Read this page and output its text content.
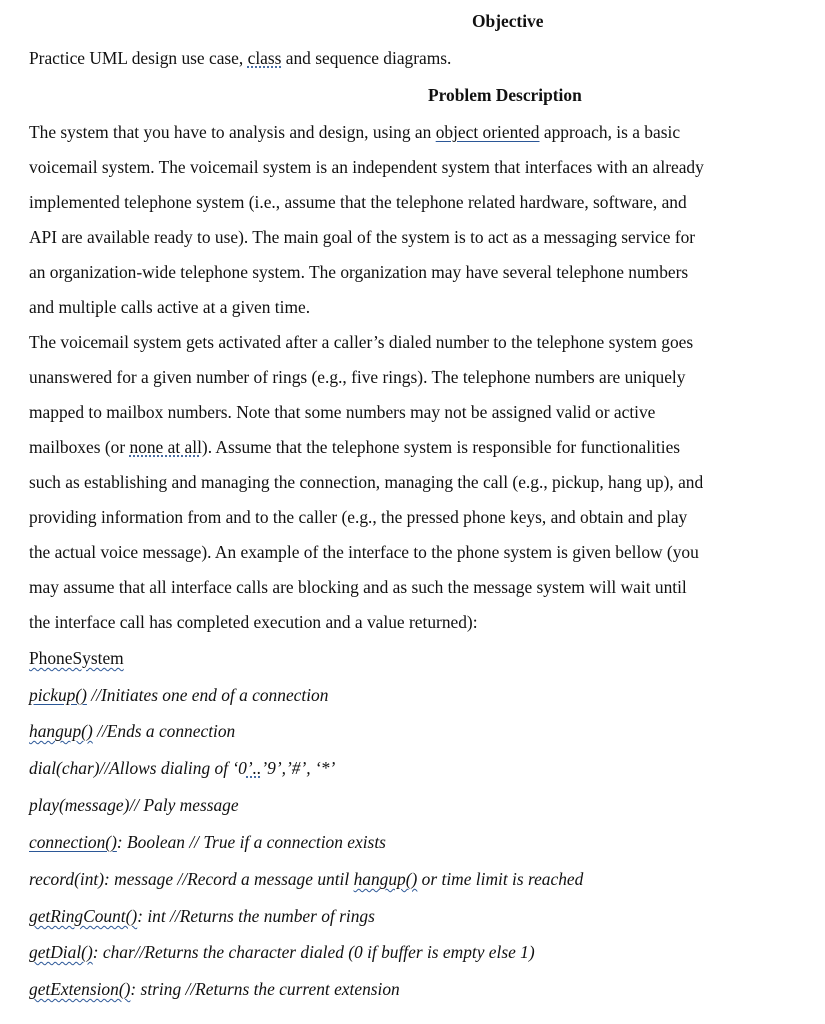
Objective
Practice UML design use case, class and sequence diagrams.
Problem Description
The system that you have to analysis and design, using an object oriented approach, is a basic
voicemail system. The voicemail system is an independent system that interfaces with an already
implemented telephone system (i.e., assume that the telephone related hardware, software, and
API are available ready to use). The main goal of the system is to act as a messaging service for
an organization-wide telephone system. The organization may have several telephone numbers
and multiple calls active at a given time.
The voicemail system gets activated after a caller’s dialed number to the telephone system goes
unanswered for a given number of rings (e.g., five rings). The telephone numbers are uniquely
mapped to mailbox numbers. Note that some numbers may not be assigned valid or active
mailboxes (or none at all). Assume that the telephone system is responsible for functionalities
such as establishing and managing the connection, managing the call (e.g., pickup, hang up), and
providing information from and to the caller (e.g., the pressed phone keys, and obtain and play
the actual voice message). An example of the interface to the phone system is given bellow (you
may assume that all interface calls are blocking and as such the message system will wait until
the interface call has completed execution and a value returned):
PhoneSystem
pickup() //Initiates one end of a connection
hangup() //Ends a connection
dial(char)//Allows dialing of ‘0’..’9’,’#’, ‘*’
play(message)// Paly message
connection(): Boolean // True if a connection exists
record(int): message //Record a message until hangup() or time limit is reached
getRingCount(): int //Returns the number of rings
getDial(): char//Returns the character dialed (0 if buffer is empty else 1)
getExtension(): string //Returns the current extension
